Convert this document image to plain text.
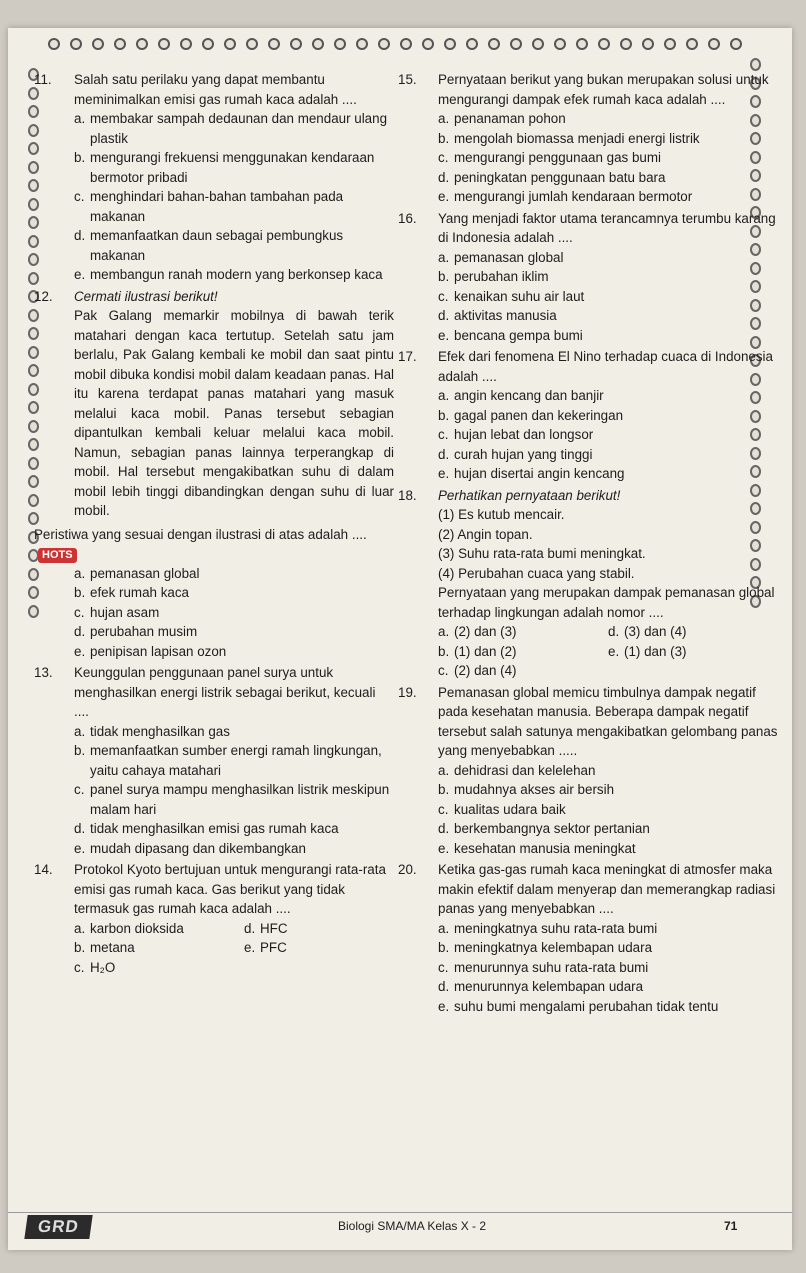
11.	Salah satu perilaku yang dapat membantu meminimalkan emisi gas rumah kaca adalah ....
a. membakar sampah dedaunan dan mendaur ulang plastik
b. mengurangi frekuensi menggunakan kendaraan bermotor pribadi
c. menghindari bahan-bahan tambahan pada makanan
d. memanfaatkan daun sebagai pembungkus makanan
e. membangun ranah modern yang berkonsep kaca
12.	Cermati ilustrasi berikut!
Pak Galang memarkir mobilnya di bawah terik matahari dengan kaca tertutup. Setelah satu jam berlalu, Pak Galang kembali ke mobil dan saat pintu mobil dibuka kondisi mobil dalam keadaan panas. Hal itu karena terdapat panas matahari yang masuk melalui kaca mobil. Panas tersebut sebagian dipantulkan kembali keluar melalui kaca mobil. Namun, sebagian panas lainnya terperangkap di mobil. Hal tersebut mengakibatkan suhu di dalam mobil lebih tinggi dibandingkan dengan suhu di luar mobil.
Peristiwa yang sesuai dengan ilustrasi di atas adalah ....HOTS
a. pemanasan global
b. efek rumah kaca
c. hujan asam
d. perubahan musim
e. penipisan lapisan ozon
13.	Keunggulan penggunaan panel surya untuk menghasilkan energi listrik sebagai berikut, kecuali ....
a. tidak menghasilkan gas
b. memanfaatkan sumber energi ramah lingkungan, yaitu cahaya matahari
c. panel surya mampu menghasilkan listrik meskipun malam hari
d. tidak menghasilkan emisi gas rumah kaca
e. mudah dipasang dan dikembangkan
14.	Protokol Kyoto bertujuan untuk mengurangi rata-rata emisi gas rumah kaca. Gas berikut yang tidak termasuk gas rumah kaca adalah ....
a. karbon dioksida	d. HFC
b. metana	e. PFC
c. H₂O
15.	Pernyataan berikut yang bukan merupakan solusi untuk mengurangi dampak efek rumah kaca adalah ....
a. penanaman pohon
b. mengolah biomassa menjadi energi listrik
c. mengurangi penggunaan gas bumi
d. peningkatan penggunaan batu bara
e. mengurangi jumlah kendaraan bermotor
16.	Yang menjadi faktor utama terancamnya terumbu karang di Indonesia adalah ....
a. pemanasan global
b. perubahan iklim
c. kenaikan suhu air laut
d. aktivitas manusia
e. bencana gempa bumi
17.	Efek dari fenomena El Nino terhadap cuaca di Indonesia adalah ....
a. angin kencang dan banjir
b. gagal panen dan kekeringan
c. hujan lebat dan longsor
d. curah hujan yang tinggi
e. hujan disertai angin kencang
18.	Perhatikan pernyataan berikut!
(1) Es kutub mencair.
(2) Angin topan.
(3) Suhu rata-rata bumi meningkat.
(4) Perubahan cuaca yang stabil.
Pernyataan yang merupakan dampak pemanasan global terhadap lingkungan adalah nomor ....
a. (2) dan (3)	d. (3) dan (4)
b. (1) dan (2)	e. (1) dan (3)
c. (2) dan (4)
19.	Pemanasan global memicu timbulnya dampak negatif pada kesehatan manusia. Beberapa dampak negatif tersebut salah satunya mengakibatkan gelombang panas yang menyebabkan .....
a. dehidrasi dan kelelehan
b. mudahnya akses air bersih
c. kualitas udara baik
d. berkembangnya sektor pertanian
e. kesehatan manusia meningkat
20.	Ketika gas-gas rumah kaca meningkat di atmosfer maka makin efektif dalam menyerap dan memerangkap radiasi panas yang menyebabkan ....
a. meningkatnya suhu rata-rata bumi
b. meningkatnya kelembapan udara
c. menurunnya suhu rata-rata bumi
d. menurunnya kelembapan udara
e. suhu bumi mengalami perubahan tidak tentu
GRD	Biologi SMA/MA Kelas X - 2	71
